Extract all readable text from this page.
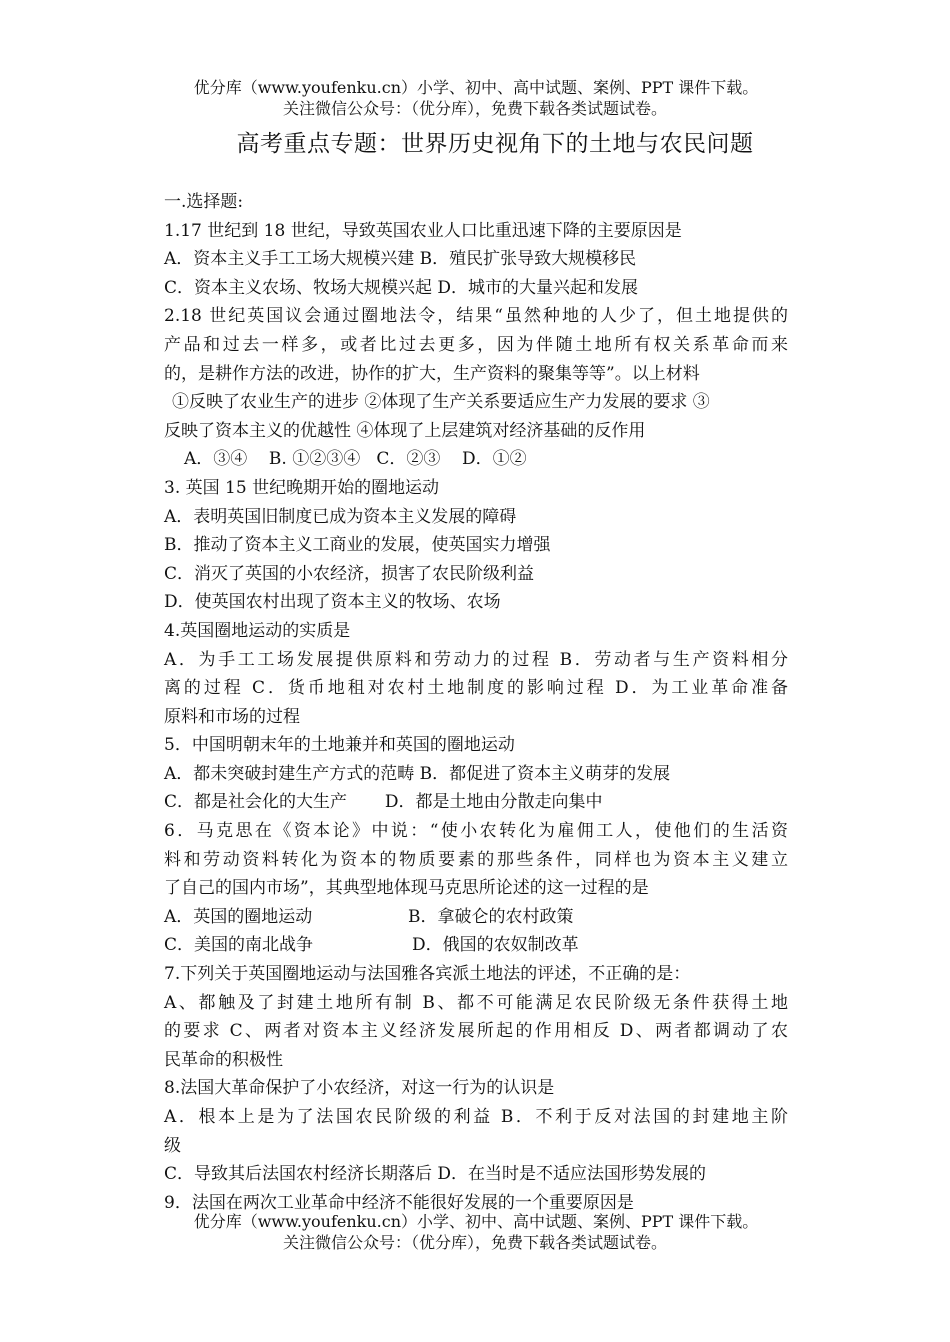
优分库（www.youfenku.cn）小学、初中、高中试题、案例、PPT 课件下载。
关注微信公众号：（优分库），免费下载各类试题试卷。
高考重点专题：世界历史视角下的土地与农民问题
一.选择题:
1.17 世纪到 18 世纪，导致英国农业人口比重迅速下降的主要原因是
A．资本主义手工工场大规模兴建 B．殖民扩张导致大规模移民
C．资本主义农场、牧场大规模兴起 D．城市的大量兴起和发展
2.18 世纪英国议会通过圈地法令，结果“虽然种地的人少了，但土地提供的
产品和过去一样多，或者比过去更多，因为伴随土地所有权关系革命而来
的，是耕作方法的改进，协作的扩大，生产资料的聚集等等”。以上材料
①反映了农业生产的进步 ②体现了生产关系要适应生产力发展的要求 ③
反映了资本主义的优越性 ④体现了上层建筑对经济基础的反作用
A．③④    B. ①②③④   C．②③    D．①②
3. 英国 15 世纪晚期开始的圈地运动
A．表明英国旧制度已成为资本主义发展的障碍
B．推动了资本主义工商业的发展，使英国实力增强
C．消灭了英国的小农经济，损害了农民阶级利益
D．使英国农村出现了资本主义的牧场、农场
4.英国圈地运动的实质是
A．为手工工场发展提供原料和劳动力的过程 B．劳动者与生产资料相分
离的过程 C．货币地租对农村土地制度的影响过程 D．为工业革命准备
原料和市场的过程
5．中国明朝末年的土地兼并和英国的圈地运动
A．都未突破封建生产方式的范畴 B．都促进了资本主义萌芽的发展
C．都是社会化的大生产       D．都是土地由分散走向集中
6．马克思在《资本论》中说：“使小农转化为雇佣工人，使他们的生活资
料和劳动资料转化为资本的物质要素的那些条件，同样也为资本主义建立
了自己的国内市场”，其典型地体现马克思所论述的这一过程的是
A．英国的圈地运动	B．拿破仑的农村政策
C．美国的南北战争	D．俄国的农奴制改革
7.下列关于英国圈地运动与法国雅各宾派土地法的评述，不正确的是：
A、都触及了封建土地所有制 B、都不可能满足农民阶级无条件获得土地
的要求 C、两者对资本主义经济发展所起的作用相反 D、两者都调动了农
民革命的积极性
8.法国大革命保护了小农经济，对这一行为的认识是
A．根本上是为了法国农民阶级的利益 B．不利于反对法国的封建地主阶
级
C．导致其后法国农村经济长期落后 D．在当时是不适应法国形势发展的
9．法国在两次工业革命中经济不能很好发展的一个重要原因是
优分库（www.youfenku.cn）小学、初中、高中试题、案例、PPT 课件下载。
关注微信公众号：（优分库），免费下载各类试题试卷。
